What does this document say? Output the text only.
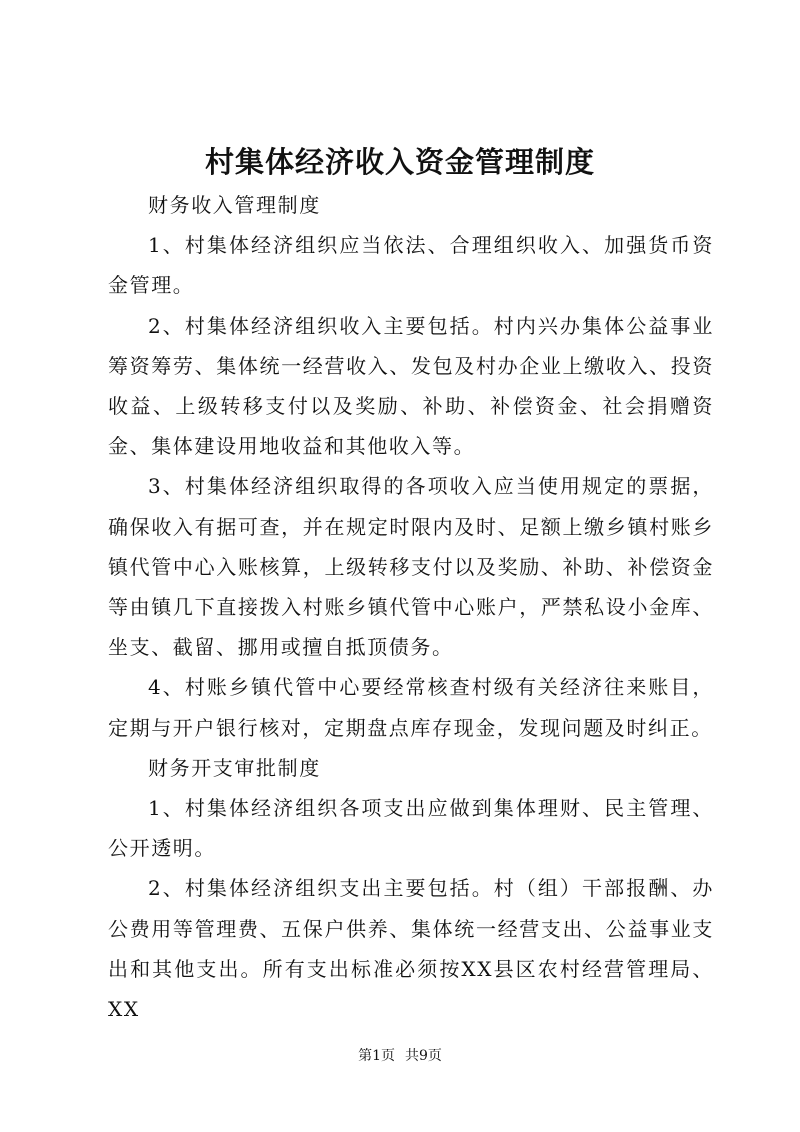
村集体经济收入资金管理制度

财务收入管理制度

1、村集体经济组织应当依法、合理组织收入、加强货币资金管理。

2、村集体经济组织收入主要包括。村内兴办集体公益事业筹资筹劳、集体统一经营收入、发包及村办企业上缴收入、投资收益、上级转移支付以及奖励、补助、补偿资金、社会捐赠资金、集体建设用地收益和其他收入等。

3、村集体经济组织取得的各项收入应当使用规定的票据，确保收入有据可查，并在规定时限内及时、足额上缴乡镇村账乡镇代管中心入账核算，上级转移支付以及奖励、补助、补偿资金等由镇几下直接拨入村账乡镇代管中心账户，严禁私设小金库、坐支、截留、挪用或擅自抵顶债务。

4、村账乡镇代管中心要经常核查村级有关经济往来账目，定期与开户银行核对，定期盘点库存现金，发现问题及时纠正。

财务开支审批制度

1、村集体经济组织各项支出应做到集体理财、民主管理、公开透明。

2、村集体经济组织支出主要包括。村（组）干部报酬、办公费用等管理费、五保户供养、集体统一经营支出、公益事业支出和其他支出。所有支出标准必须按XX县区农村经营管理局、XX

第1页 共9页
